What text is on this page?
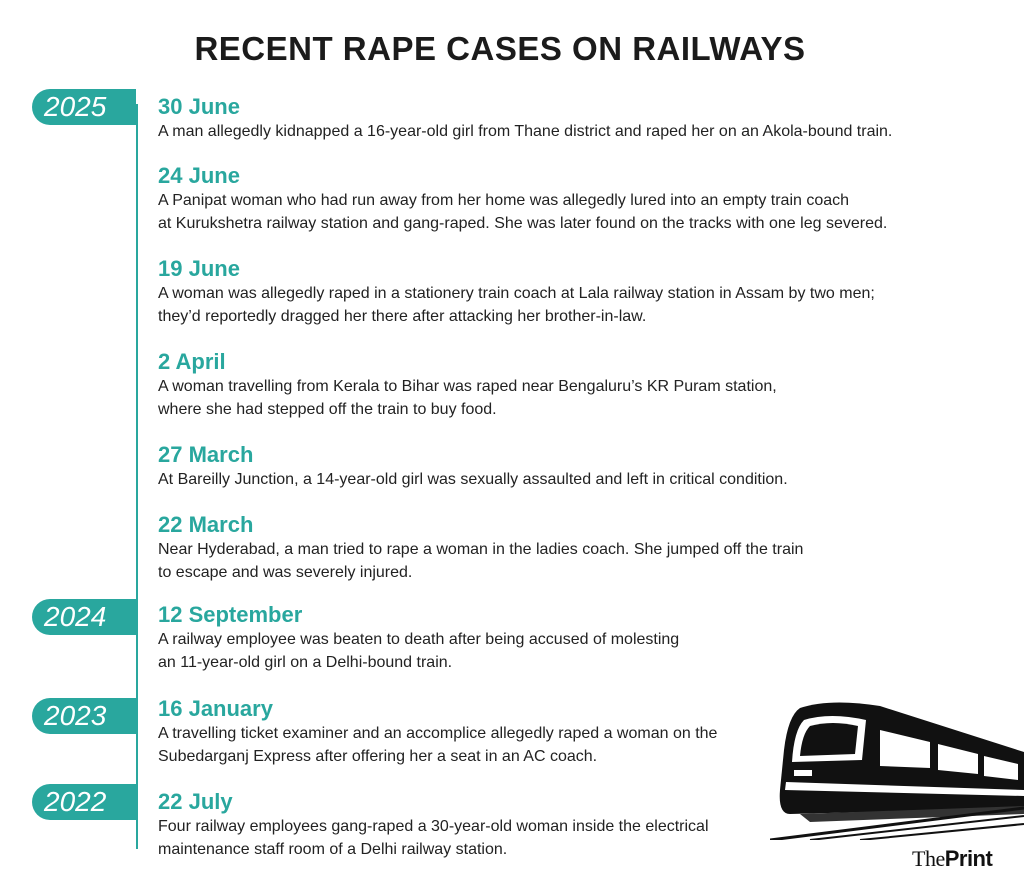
RECENT RAPE CASES ON RAILWAYS
2025
2024
2023
2022
30 June

A man allegedly kidnapped a 16-year-old girl from Thane district and raped her on an Akola-bound train.

24 June

A Panipat woman who had run away from her home was allegedly lured into an empty train coach
at Kurukshetra railway station and gang-raped. She was later found on the tracks with one leg severed.

19 June

A woman was allegedly raped in a stationery train coach at Lala railway station in Assam by two men;
they’d reportedly dragged her there after attacking her brother-in-law.

2 April

A woman travelling from Kerala to Bihar was raped near Bengaluru’s KR Puram station,
where she had stepped off the train to buy food.

27 March

At Bareilly Junction, a 14-year-old girl was sexually assaulted and left in critical condition.

22 March

Near Hyderabad, a man tried to rape a woman in the ladies coach. She jumped off the train
to escape and was severely injured.

12 September

A railway employee was beaten to death after being accused of molesting
an 11-year-old girl on a Delhi-bound train.

16 January

A travelling ticket examiner and an accomplice allegedly raped a woman on the
Subedarganj Express after offering her a seat in an AC coach.

22 July

Four railway employees gang-raped a 30-year-old woman inside the electrical
maintenance staff room of a Delhi railway station.	ThePrint
